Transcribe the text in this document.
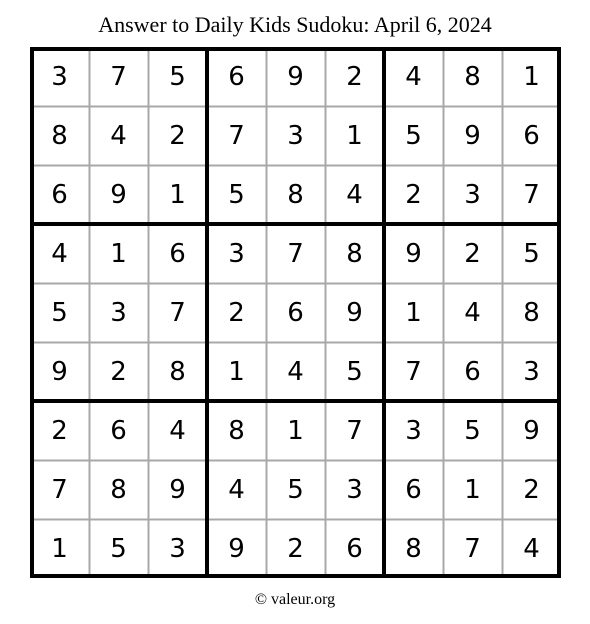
Answer to Daily Kids Sudoku: April 6, 2024
3	7	5	6	9	2	4	8	1
8	4	2	7	3	1	5	9	6
6	9	1	5	8	4	2	3	7
4	1	6	3	7	8	9	2	5
5	3	7	2	6	9	1	4	8
9	2	8	1	4	5	7	6	3
2	6	4	8	1	7	3	5	9
7	8	9	4	5	3	6	1	2
1	5	3	9	2	6	8	7	4
© valeur.org
